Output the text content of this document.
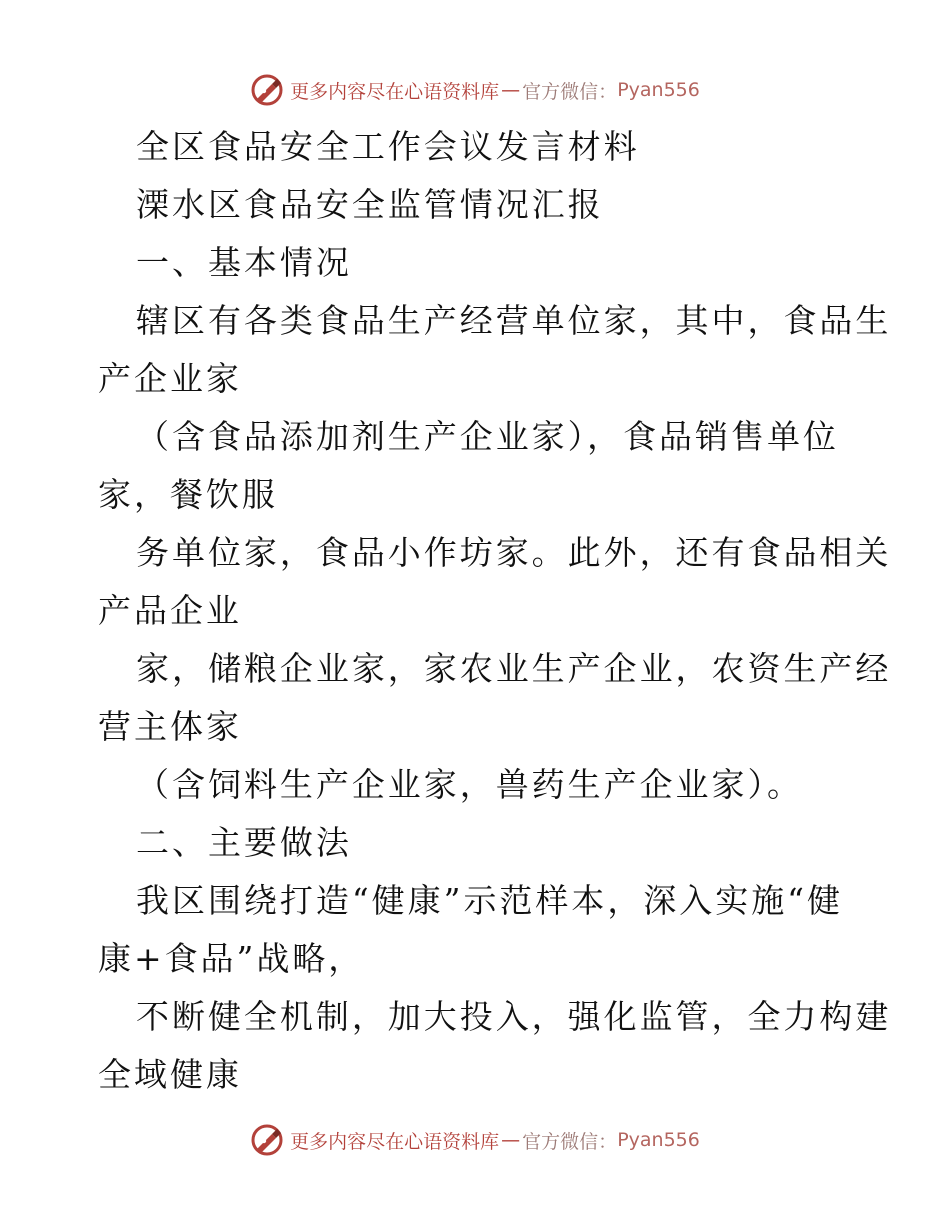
更多内容尽在心语资料库 — 官方微信： Pyan556
全区食品安全工作会议发言材料
溧水区食品安全监管情况汇报
一、基本情况
辖区有各类食品生产经营单位家，其中，食品生
产企业家
（含食品添加剂生产企业家），食品销售单位
家，餐饮服
务单位家，食品小作坊家。此外，还有食品相关
产品企业
家，储粮企业家，家农业生产企业，农资生产经
营主体家
（含饲料生产企业家，兽药生产企业家）。
二、主要做法
我区围绕打造“健康”示范样本，深入实施“健
康+食品”战略，
不断健全机制，加大投入，强化监管，全力构建
全域健康
更多内容尽在心语资料库 — 官方微信： Pyan556
